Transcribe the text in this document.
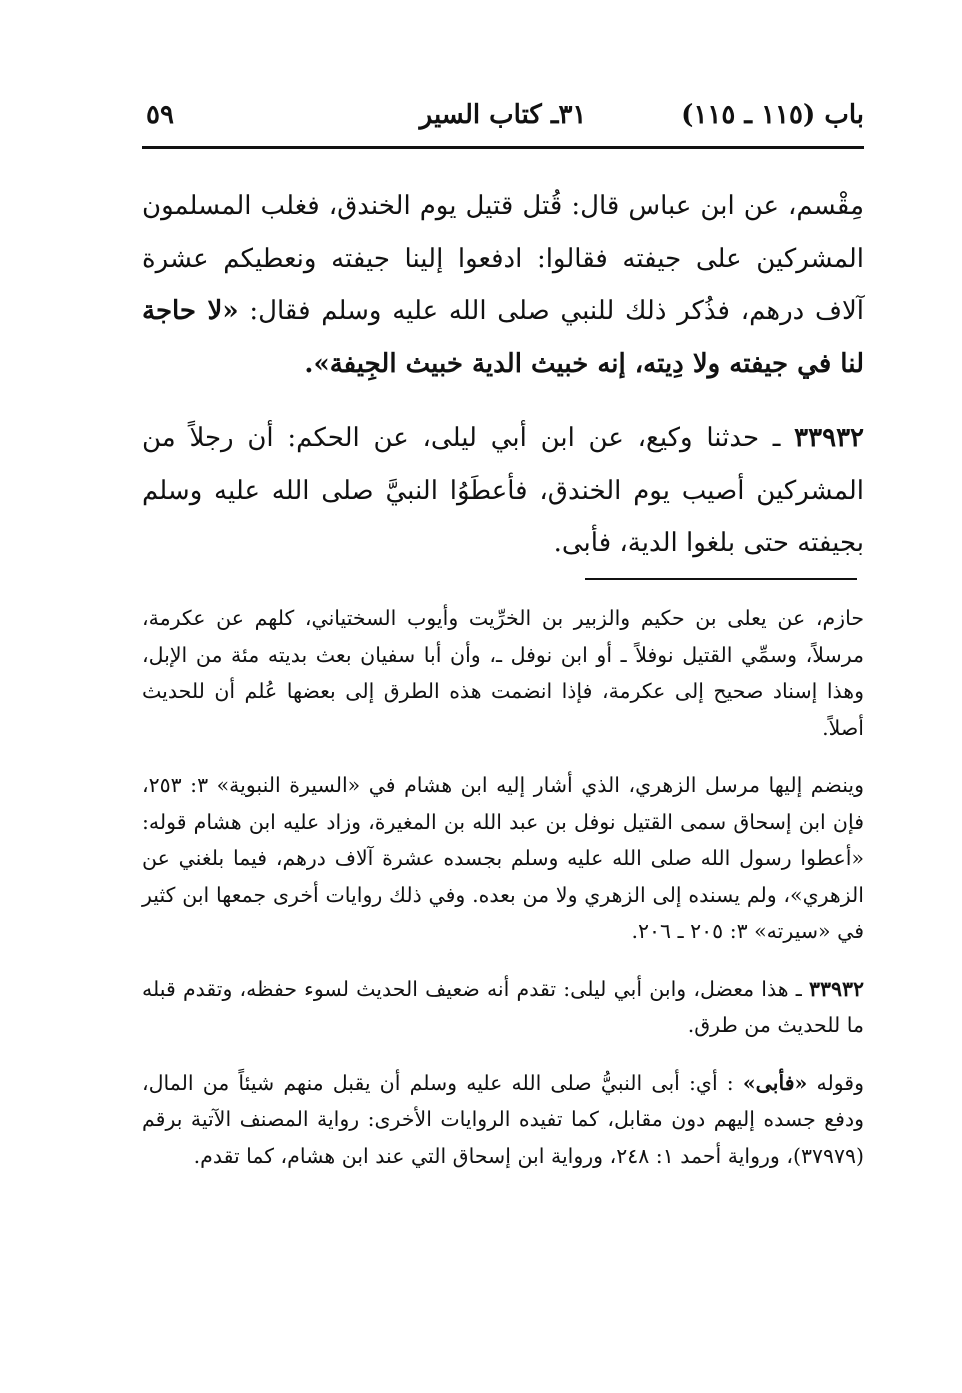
باب (١١٥ ـ ١١٥)
٣١ـ كتاب السير
٥٩

مِقْسم، عن ابن عباس قال: قُتل قتيل يوم الخندق، فغلب المسلمون المشركين على جيفته فقالوا: ادفعوا إلينا جيفته ونعطيكم عشرة آلاف درهم، فذُكر ذلك للنبي صلى الله عليه وسلم فقال: «لا حاجة لنا في جيفته ولا دِيته، إنه خبيث الدية خبيث الجِيفة».

٣٣٩٣٢ ـ حدثنا وكيع، عن ابن أبي ليلى، عن الحكم: أن رجلاً من المشركين أصيب يوم الخندق، فأعطَوُا النبيَّ صلى الله عليه وسلم بجيفته حتى بلغوا الدية، فأبى.

حازم، عن يعلى بن حكيم والزبير بن الخرِّيت وأيوب السختياني، كلهم عن عكرمة، مرسلاً، وسمِّي القتيل نوفلاً ـ أو ابن نوفل ـ، وأن أبا سفيان بعث بديته مئة من الإبل، وهذا إسناد صحيح إلى عكرمة، فإذا انضمت هذه الطرق إلى بعضها عُلم أن للحديث أصلاً.

وينضم إليها مرسل الزهري، الذي أشار إليه ابن هشام في «السيرة النبوية» ٣: ٢٥٣، فإن ابن إسحاق سمى القتيل نوفل بن عبد الله بن المغيرة، وزاد عليه ابن هشام قوله: «أعطوا رسول الله صلى الله عليه وسلم بجسده عشرة آلاف درهم، فيما بلغني عن الزهري»، ولم يسنده إلى الزهري ولا من بعده. وفي ذلك روايات أخرى جمعها ابن كثير في «سيرته» ٣: ٢٠٥ ـ ٢٠٦.

٣٣٩٣٢ ـ هذا معضل، وابن أبي ليلى: تقدم أنه ضعيف الحديث لسوء حفظه، وتقدم قبله ما للحديث من طرق.

وقوله «فأبى» : أي: أبى النبيُّ صلى الله عليه وسلم أن يقبل منهم شيئاً من المال، ودفع جسده إليهم دون مقابل، كما تفيده الروايات الأخرى: رواية المصنف الآتية برقم (٣٧٩٧٩)، ورواية أحمد ١: ٢٤٨، ورواية ابن إسحاق التي عند ابن هشام، كما تقدم.
